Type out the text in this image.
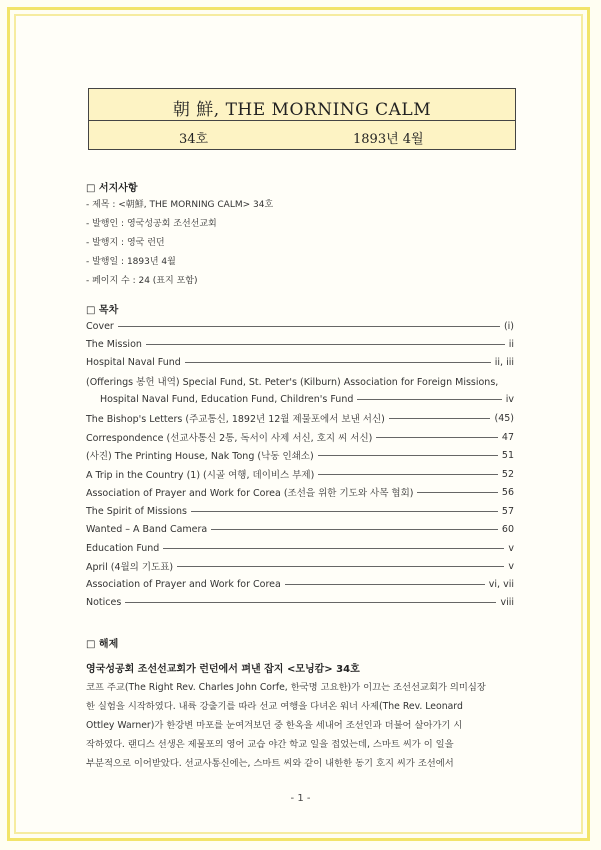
朝 鮮, THE MORNING CALM
34호	1893년 4월
□ 서지사항
- 제목 : <朝鮮, THE MORNING CALM> 34호
- 발행인 : 영국성공회 조선선교회
- 발행지 : 영국 런던
- 발행일 : 1893년 4월
- 페이지 수 : 24 (표지 포함)
□ 목차
Cover	(i)
The Mission	ii
Hospital Naval Fund	ii, iii
(Offerings 봉헌 내역) Special Fund, St. Peter's (Kilburn) Association for Foreign Missions,
Hospital Naval Fund, Education Fund, Children's Fund	iv
The Bishop's Letters (주교통신, 1892년 12월 제물포에서 보낸 서신)	(45)
Correspondence (선교사통신 2통, 독서이 사제 서신, 호지 씨 서신)	47
(사진) The Printing House, Nak Tong (낙동 인쇄소)	51
A Trip in the Country (1) (시골 여행, 데이비스 부제)	52
Association of Prayer and Work for Corea (조선을 위한 기도와 사목 협회)	56
The Spirit of Missions	57
Wanted – A Band Camera	60
Education Fund	v
April (4월의 기도표)	v
Association of Prayer and Work for Corea	vi, vii
Notices	viii
□ 해제
영국성공회 조선선교회가 런던에서 펴낸 잡지 <모닝캄> 34호
코프 주교(The Right Rev. Charles John Corfe, 한국명 고요한)가 이끄는 조선선교회가 의미심장
한 실험을 시작하였다. 내륙 강출기를 따라 선교 여행을 다녀온 워너 사제(The Rev. Leonard
Ottley Warner)가 한강변 마포를 눈여겨보던 중 한옥을 세내어 조선인과 더불어 살아가기 시
작하였다. 랜디스 선생은 제물포의 영어 교습 야간 학교 일을 접었는데, 스마트 씨가 이 일을
부분적으로 이어받았다. 선교사통신에는, 스마트 씨와 같이 내한한 동기 호지 씨가 조선에서
- 1 -
